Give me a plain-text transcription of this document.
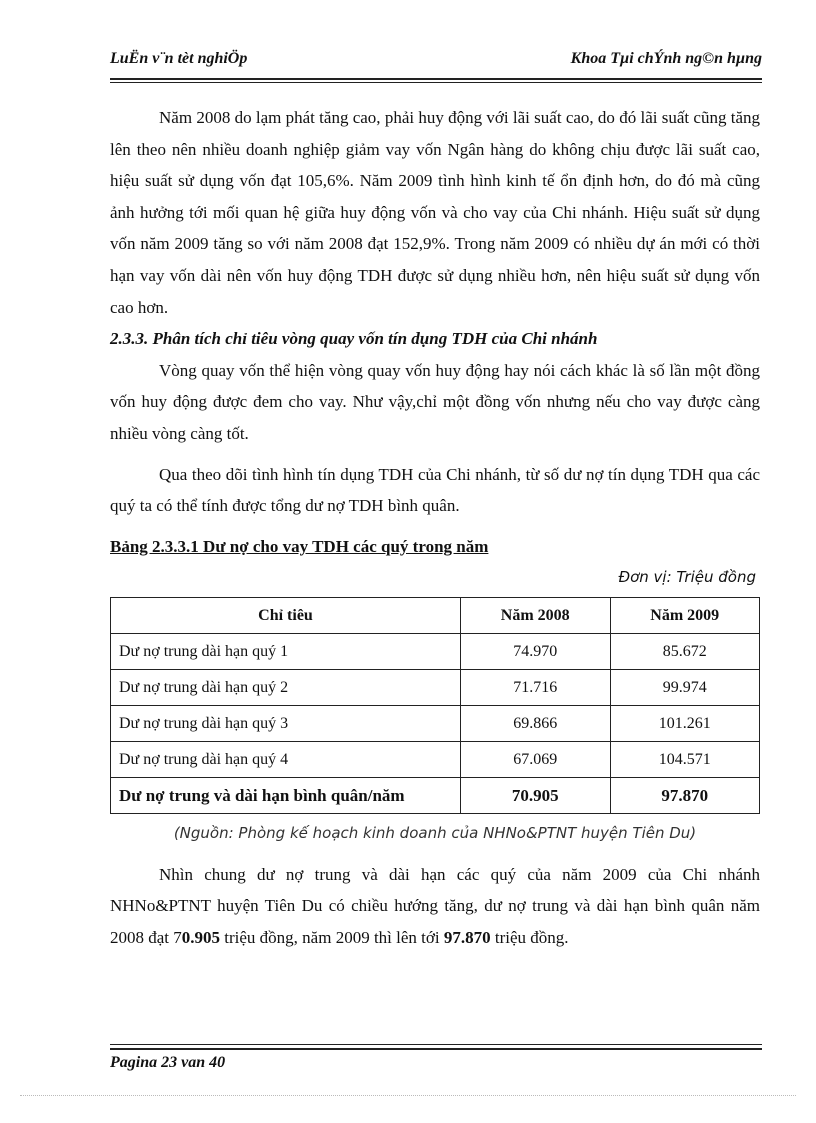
LuËn v¨n tèt nghiÖp	Khoa Tµi chÝnh ng©n hµng

Năm 2008 do lạm phát tăng cao, phải huy động với lãi suất cao, do đó lãi suất cũng tăng lên theo nên nhiều doanh nghiệp giảm vay vốn Ngân hàng do không chịu được lãi suất cao, hiệu suất sử dụng vốn đạt 105,6%. Năm 2009 tình hình kinh tế ổn định hơn, do đó mà cũng ảnh hưởng tới mối quan hệ giữa huy động vốn và cho vay của Chi nhánh. Hiệu suất sử dụng vốn năm 2009 tăng so với năm 2008 đạt 152,9%. Trong năm 2009 có nhiều dự án mới có thời hạn vay vốn dài nên vốn huy động TDH được sử dụng nhiều hơn, nên hiệu suất sử dụng vốn cao hơn.

2.3.3. Phân tích chỉ tiêu vòng quay vốn tín dụng TDH của Chi nhánh

Vòng quay vốn thể hiện vòng quay vốn huy động hay nói cách khác là số lần một đồng vốn huy động được đem cho vay. Như vậy,chỉ một đồng vốn nhưng nếu cho vay được càng nhiều vòng càng tốt.

Qua theo dõi tình hình tín dụng TDH của Chi nhánh, từ số dư nợ tín dụng TDH qua các quý ta có thể tính được tổng dư nợ TDH bình quân.

Bảng 2.3.3.1 Dư nợ cho vay TDH các quý trong năm

Đơn vị: Triệu đồng

Chỉ tiêu	Năm 2008	Năm 2009
Dư nợ trung dài hạn quý 1	74.970	85.672
Dư nợ trung dài hạn quý 2	71.716	99.974
Dư nợ trung dài hạn quý 3	69.866	101.261
Dư nợ trung dài hạn quý 4	67.069	104.571
Dư nợ trung và dài hạn bình quân/năm	70.905	97.870

(Nguồn: Phòng kế hoạch kinh doanh của NHNo&PTNT huyện Tiên Du)

Nhìn chung dư nợ trung và dài hạn các quý của năm 2009 của Chi nhánh NHNo&PTNT huyện Tiên Du có chiều hướng tăng, dư nợ trung và dài hạn bình quân năm 2008 đạt 70.905 triệu đồng, năm 2009 thì lên tới 97.870 triệu đồng.

Pagina 23 van 40
